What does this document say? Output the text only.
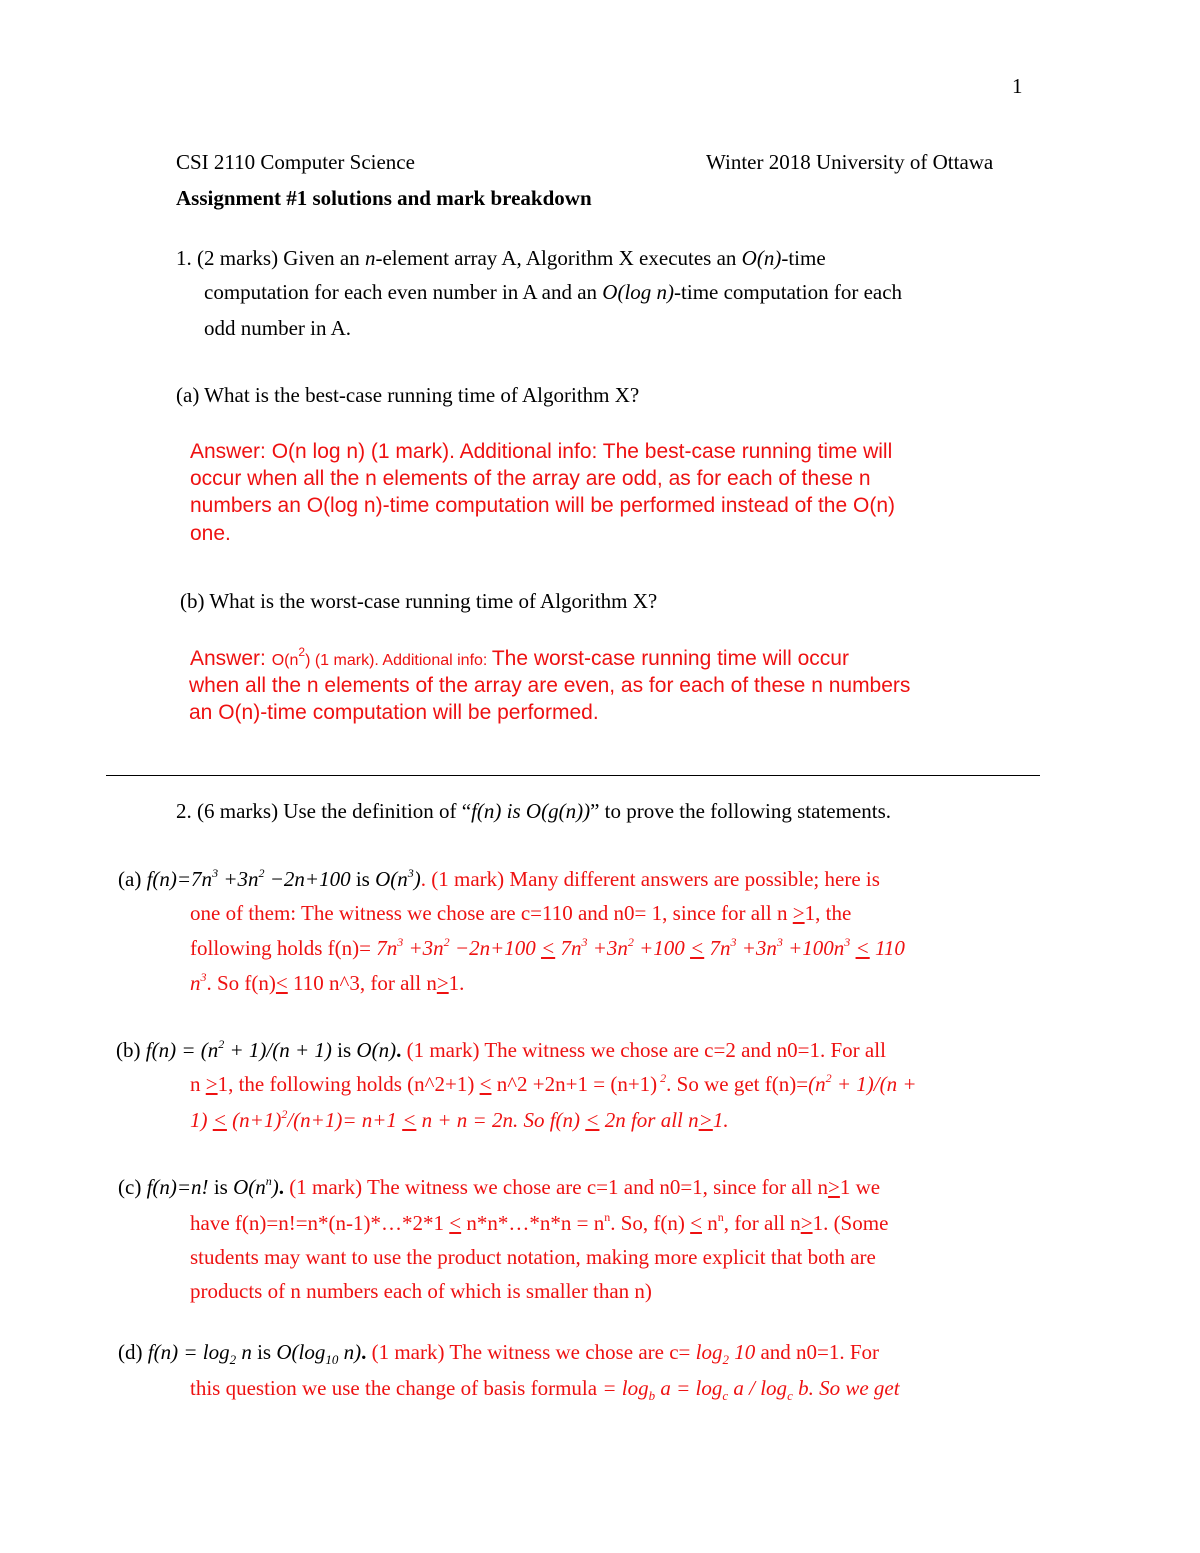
1
CSI 2110 Computer Science	Winter 2018 University of Ottawa
Assignment #1 solutions and mark breakdown
1. (2 marks) Given an n-element array A, Algorithm X executes an O(n)-time
computation for each even number in A and an O(log n)-time computation for each
odd number in A.
(a) What is the best-case running time of Algorithm X?
Answer: O(n log n) (1 mark). Additional info: The best-case running time will
occur when all the n elements of the array are odd, as for each of these n
numbers an O(log n)-time computation will be performed instead of the O(n)
one.
(b) What is the worst-case running time of Algorithm X?
Answer: $O(n^2)$ (1 mark). Additional info: The worst-case running time will occur
when all the n elements of the array are even, as for each of these n numbers
an O(n)-time computation will be performed.
2. (6 marks) Use the definition of “f(n) is O(g(n))” to prove the following statements.
(a) $f(n)=7n^3 +3n^2 -2n+100$ is $O(n^3)$. (1 mark) Many different answers are possible; here is
one of them: The witness we chose are c=110 and n0= 1, since for all n >1, the
following holds $f(n)= 7n^3 +3n^2 -2n+100 < 7n^3 +3n^2 +100 < 7n^3 +3n^3 +100n^3 < 110$
$n^3$. So f(n)< 110 n^3, for all n>1.
(b) $f(n) = (n^2 + 1)/(n + 1)$ is O(n). (1 mark) The witness we chose are c=2 and n0=1. For all
n >1, the following holds (n^2+1) < n^2 +2n+1 = (n+1) $^2$. So we get $f(n)=(n^2 + 1)/(n$ +
$1) < (n+1)^2/(n+1)= n+1 < n + n = 2n$. So f(n) < 2n for all n>1.
(c) f(n)=n! is $O(n^n)$. (1 mark) The witness we chose are c=1 and n0=1, since for all n>1 we
have f(n)=n!=n*(n-1)*…*2*1 < n*n*…*n*n = $n^n$. So, $f(n) < n^n$, for all n>1. (Some
students may want to use the product notation, making more explicit that both are
products of n numbers each of which is smaller than n)
(d) $f(n) = \log_2 n$ is $O(\log_{10}$ n). (1 mark) The witness we chose are $c= \log_2 10$ and n0=1. For
this question we use the change of basis formula = $\log_b a = \log_c a / \log_c b$. So we get
